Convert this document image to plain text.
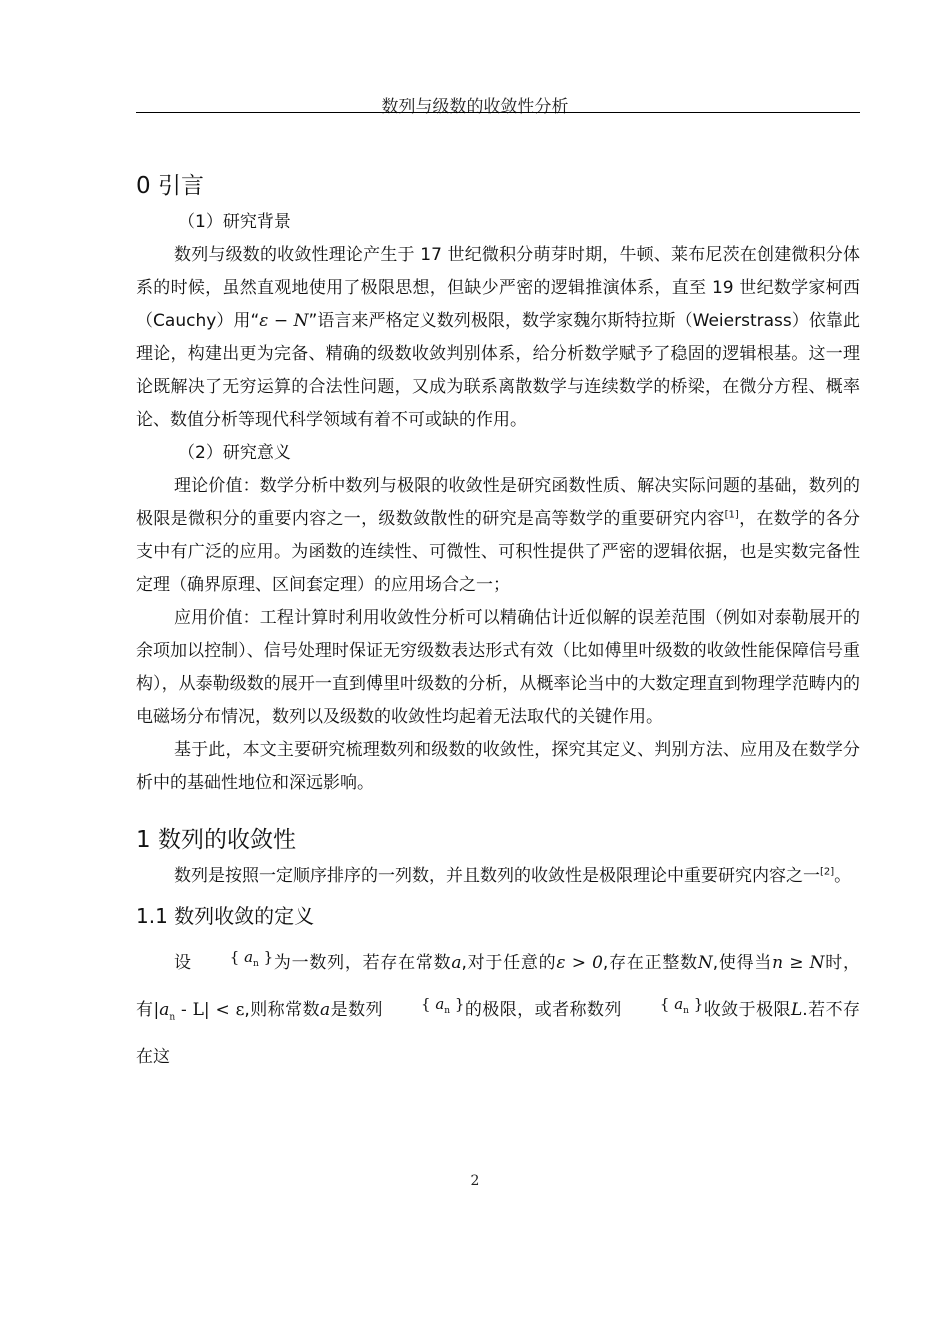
数列与级数的收敛性分析
0 引言
（1）研究背景

数列与级数的收敛性理论产生于 17 世纪微积分萌芽时期，牛顿、莱布尼茨在创建微积分体系的时候，虽然直观地使用了极限思想，但缺少严密的逻辑推演体系，直至 19 世纪数学家柯西（Cauchy）用“ε − N”语言来严格定义数列极限，数学家魏尔斯特拉斯（Weierstrass）依靠此理论，构建出更为完备、精确的级数收敛判别体系，给分析数学赋予了稳固的逻辑根基。这一理论既解决了无穷运算的合法性问题，又成为联系离散数学与连续数学的桥梁，在微分方程、概率论、数值分析等现代科学领域有着不可或缺的作用。

（2）研究意义

理论价值：数学分析中数列与极限的收敛性是研究函数性质、解决实际问题的基础，数列的极限是微积分的重要内容之一，级数敛散性的研究是高等数学的重要研究内容[1]，在数学的各分支中有广泛的应用。为函数的连续性、可微性、可积性提供了严密的逻辑依据，也是实数完备性定理（确界原理、区间套定理）的应用场合之一；

应用价值：工程计算时利用收敛性分析可以精确估计近似解的误差范围（例如对泰勒展开的余项加以控制）、信号处理时保证无穷级数表达形式有效（比如傅里叶级数的收敛性能保障信号重构），从泰勒级数的展开一直到傅里叶级数的分析，从概率论当中的大数定理直到物理学范畴内的电磁场分布情况，数列以及级数的收敛性均起着无法取代的关键作用。

基于此，本文主要研究梳理数列和级数的收敛性，探究其定义、判别方法、应用及在数学分析中的基础性地位和深远影响。

1 数列的收敛性

数列是按照一定顺序排序的一列数，并且数列的收敛性是极限理论中重要研究内容之一[2]。

1.1 数列收敛的定义

设	{ $a_n$ }为一数列，若存在常数a,对于任意的ε > 0,存在正整数N,使得当n ≥ N时，有$|a_n - L| < \varepsilon$,则称常数a是数列	{ $a_n$ }的极限，或者称数列	{ $a_n$ }收敛于极限L.若不存在这

2
